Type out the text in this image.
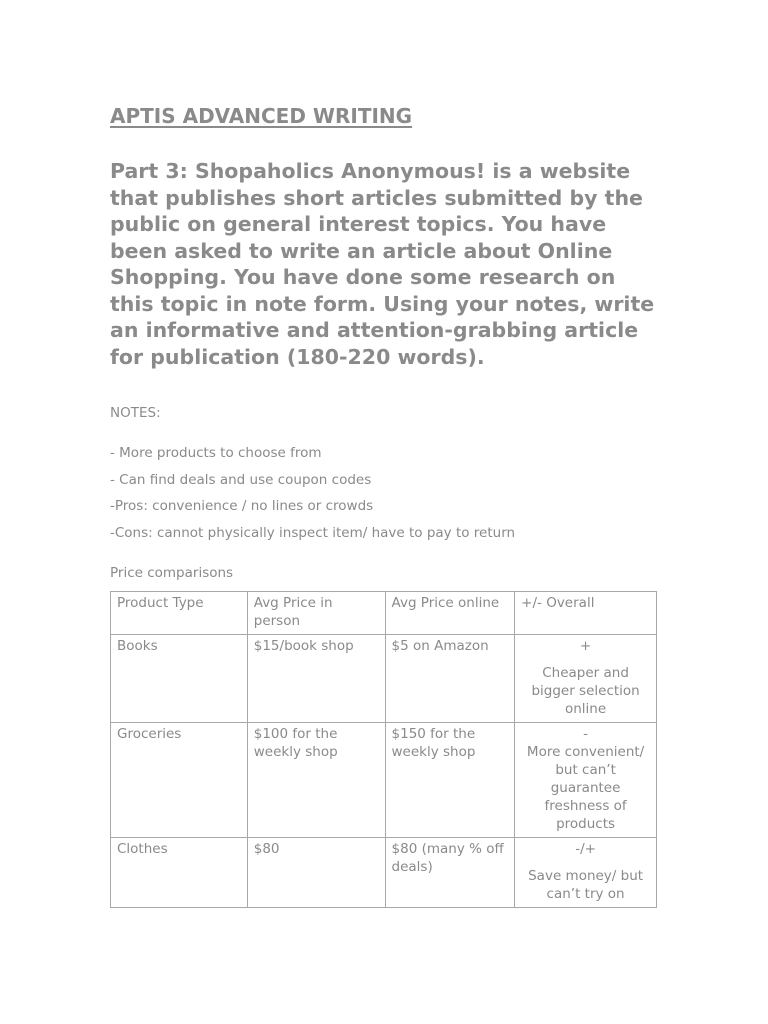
APTIS ADVANCED WRITING

Part 3: Shopaholics Anonymous! is a website
that publishes short articles submitted by the
public on general interest topics. You have
been asked to write an article about Online
Shopping. You have done some research on
this topic in note form. Using your notes, write
an informative and attention-grabbing article
for publication (180-220 words).

NOTES:
- More products to choose from
- Can find deals and use coupon codes
-Pros: convenience / no lines or crowds
-Cons: cannot physically inspect item/ have to pay to return
Price comparisons
Product Type	Avg Price in person	Avg Price online	+/- Overall
Books	$15/book shop	$5 on Amazon	+
Cheaper and bigger selection online
Groceries	$100 for the weekly shop	$150 for the weekly shop	-
More convenient/ but can’t guarantee freshness of products
Clothes	$80	$80 (many % off deals)	-/+
Save money/ but can’t try on
